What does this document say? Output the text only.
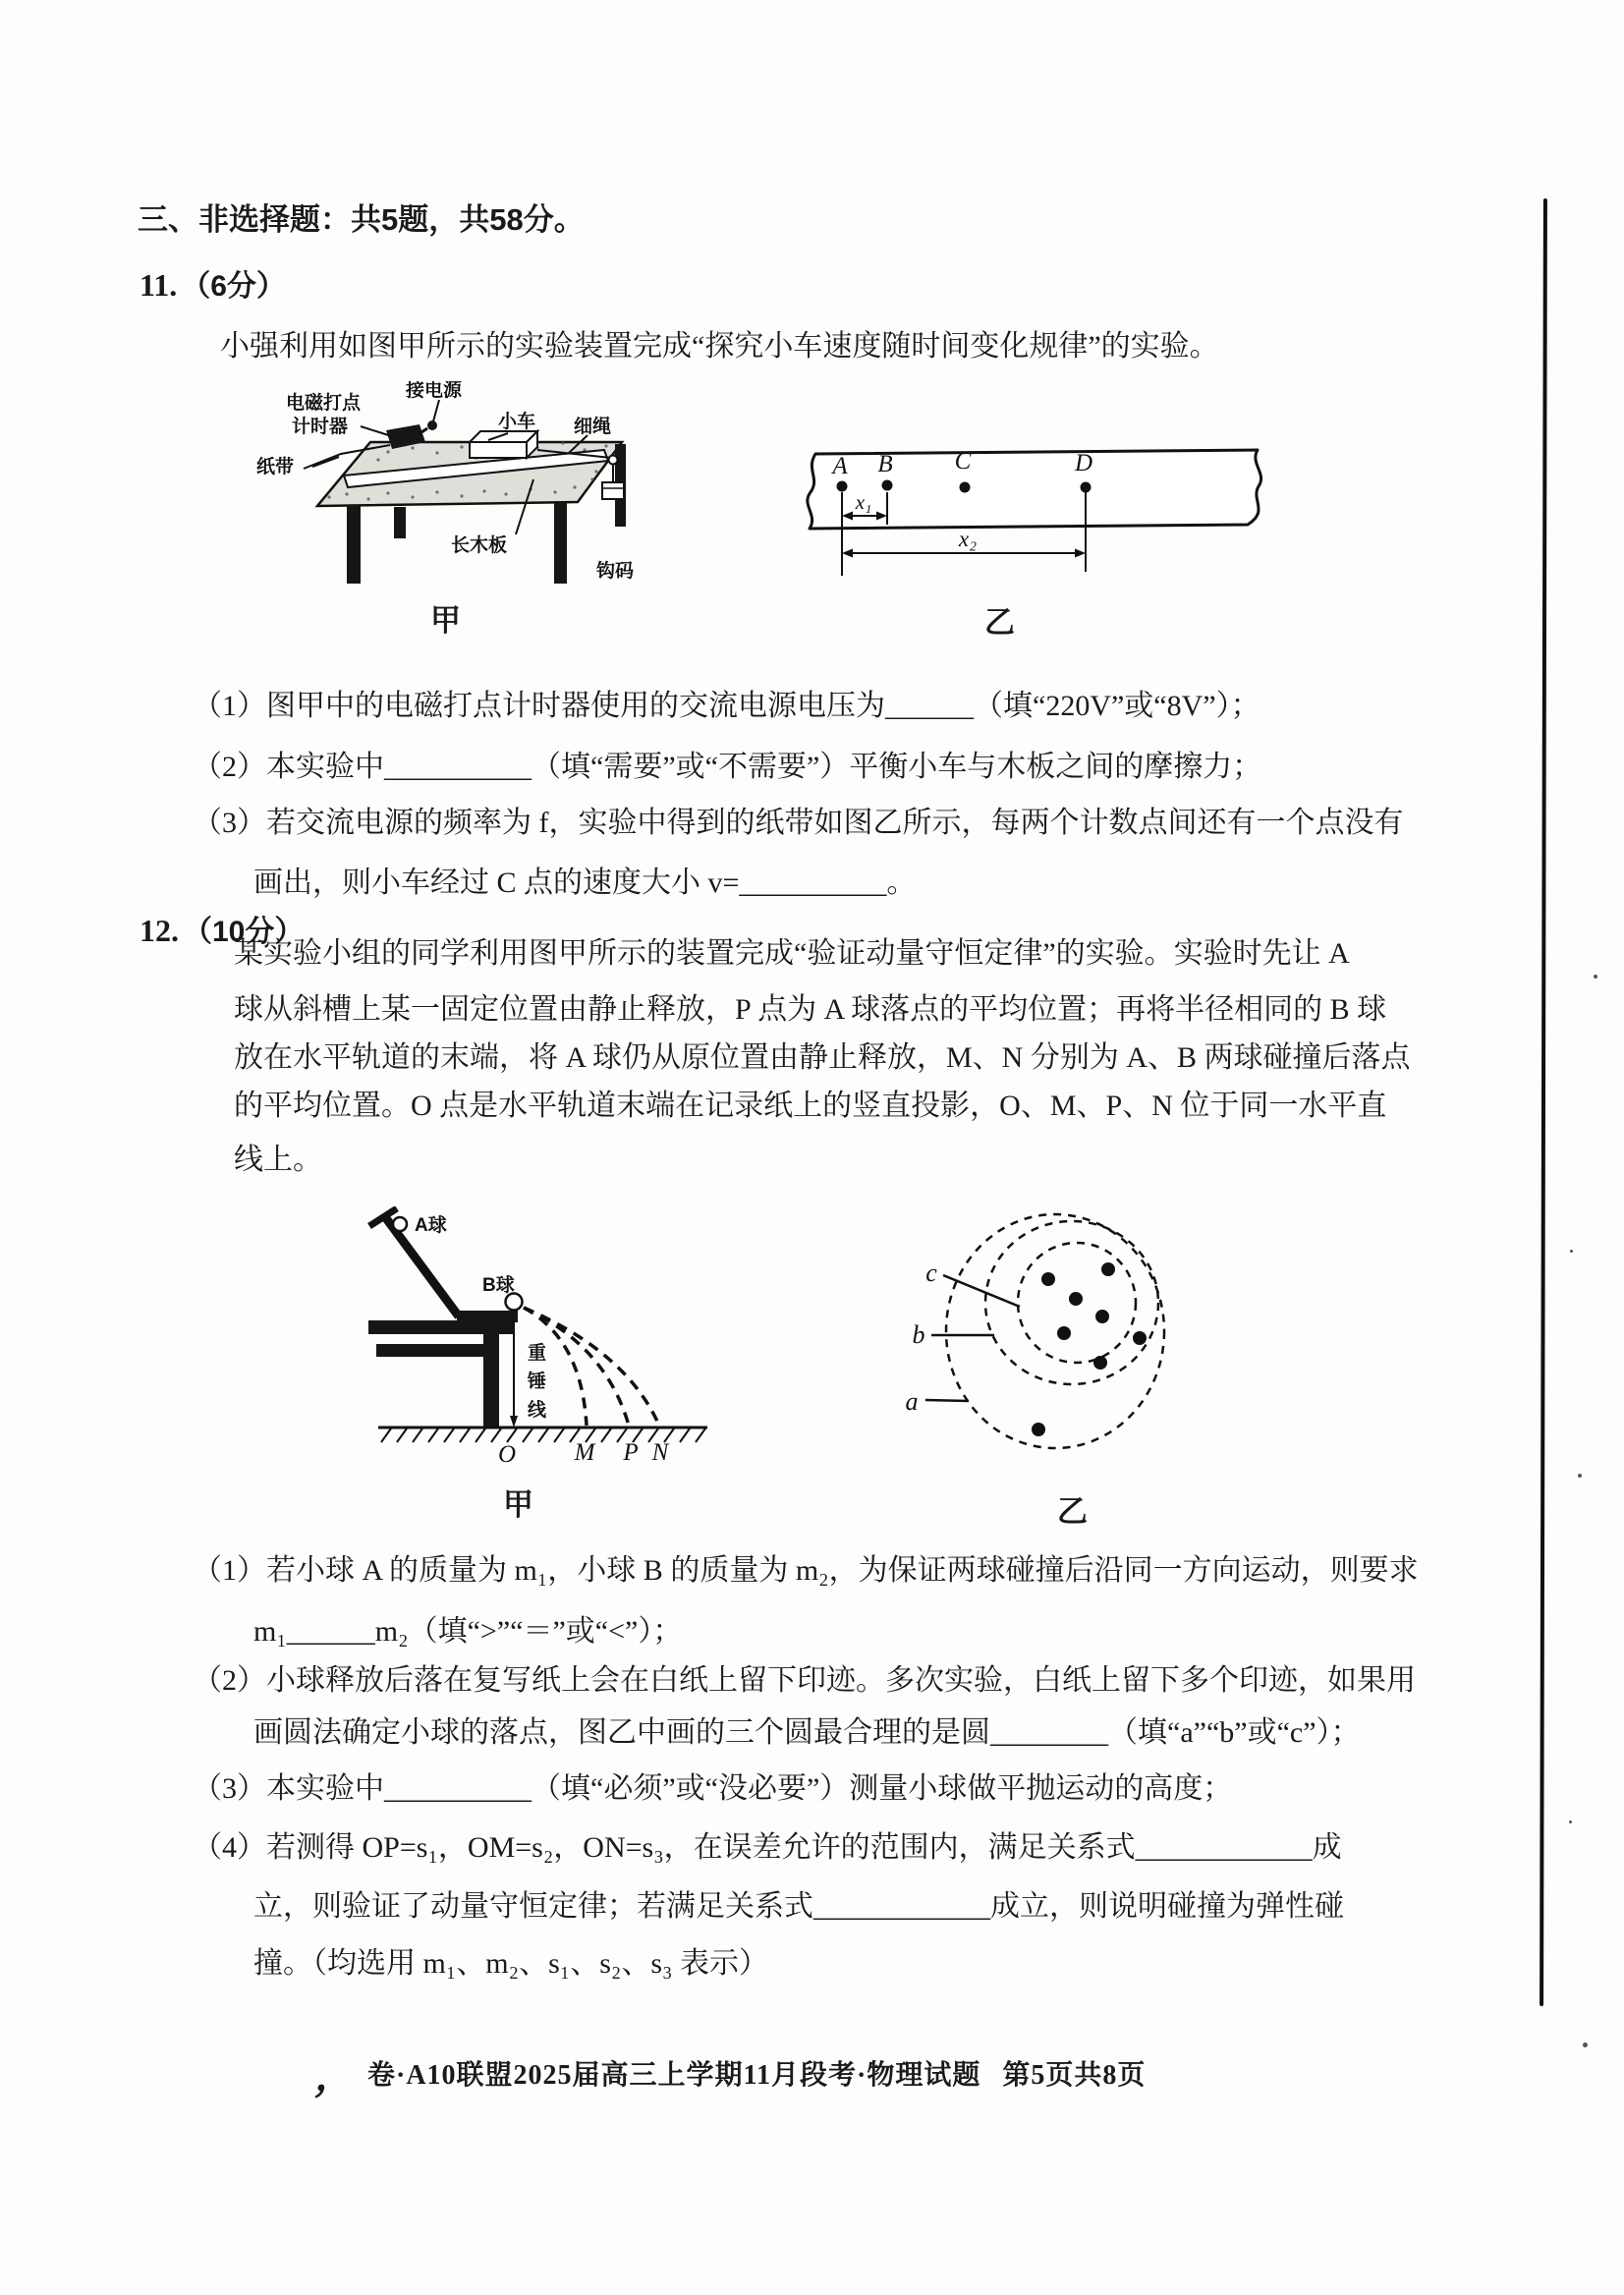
三、非选择题：共5题，共58分。
11. （6分）
小强利用如图甲所示的实验装置完成“探究小车速度随时间变化规律”的实验。
电磁打点
计时器
接电源
小车 细绳
纸带
长木板
钩码
甲
A B	C	D
x₁
x₂
乙
（1）图甲中的电磁打点计时器使用的交流电源电压为______（填“220V”或“8V”）；
（2）本实验中__________（填“需要”或“不需要”）平衡小车与木板之间的摩擦力；
（3）若交流电源的频率为 f，实验中得到的纸带如图乙所示，每两个计数点间还有一个点没有
画出，则小车经过 C 点的速度大小 v=__________。
12. （10分）
某实验小组的同学利用图甲所示的装置完成“验证动量守恒定律”的实验。实验时先让 A
球从斜槽上某一固定位置由静止释放，P 点为 A 球落点的平均位置；再将半径相同的 B 球
放在水平轨道的末端，将 A 球仍从原位置由静止释放，M、N 分别为 A、B 两球碰撞后落点
的平均位置。O 点是水平轨道末端在记录纸上的竖直投影，O、M、P、N 位于同一水平直
线上。
A球
B球
重
锤
线
O M P N
甲
c
b
a
乙
（1）若小球 A 的质量为 m₁，小球 B 的质量为 m₂，为保证两球碰撞后沿同一方向运动，则要求
m₁______m₂（填“>”“＝”或“<”）；
（2）小球释放后落在复写纸上会在白纸上留下印迹。多次实验，白纸上留下多个印迹，如果用
画圆法确定小球的落点，图乙中画的三个圆最合理的是圆________（填“a”“b”或“c”）；
（3）本实验中__________（填“必须”或“没必要”）测量小球做平抛运动的高度；
（4）若测得 OP=s₁，OM=s₂，ON=s₃，在误差允许的范围内，满足关系式____________成
立，则验证了动量守恒定律；若满足关系式____________成立，则说明碰撞为弹性碰
撞。（均选用 m₁、m₂、s₁、s₂、s₃ 表示）
， 卷·A10联盟2025届高三上学期11月段考·物理试题 第5页共8页
